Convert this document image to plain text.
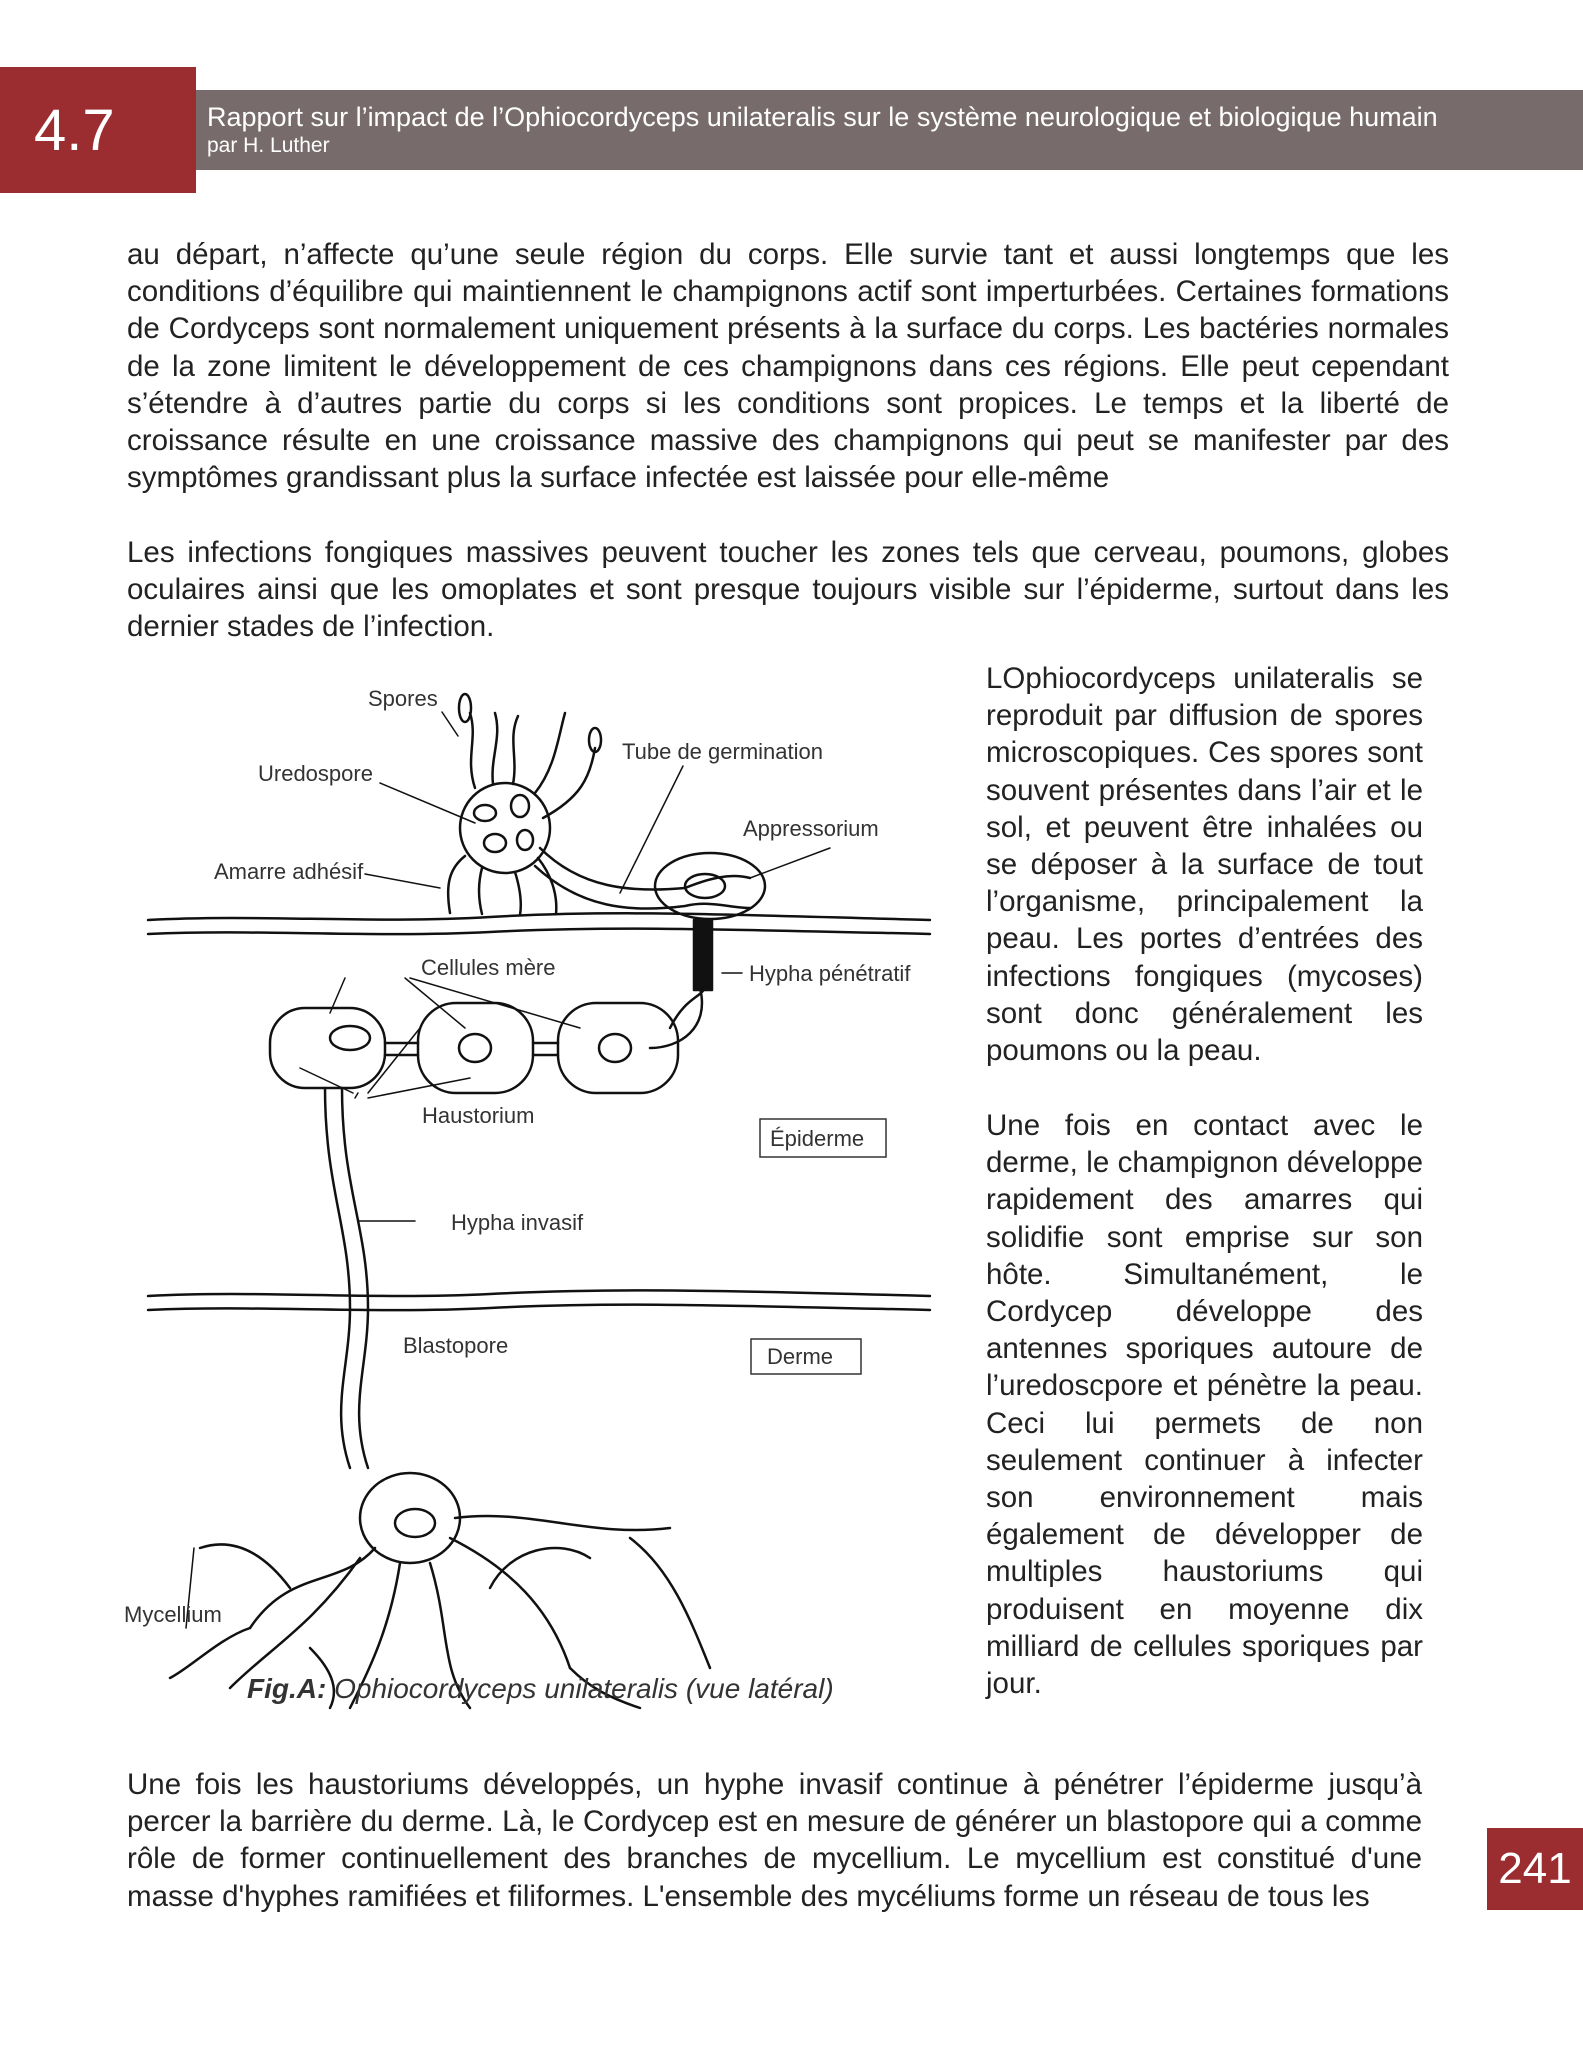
4.7	Rapport sur l’impact de l’Ophiocordyceps unilateralis sur le système neurologique et biologique humain
par H. Luther

au départ, n’affecte qu’une seule région du corps. Elle survie tant et aussi longtemps que les conditions d’équilibre qui maintiennent le champignons actif sont imperturbées. Certaines formations de Cordyceps sont normalement uniquement présents à la surface du corps. Les bactéries normales de la zone limitent le développement de ces champignons dans ces régions. Elle peut cependant s’étendre à d’autres partie du corps si les conditions sont propices. Le temps et la liberté de croissance résulte en une croissance massive des champignons qui peut se manifester par des symptômes grandissant plus la surface infectée est laissée pour elle-même

Les infections fongiques massives peuvent toucher les zones tels que cerveau, poumons, globes oculaires ainsi que les omoplates et sont presque toujours visible sur l’épiderme, surtout dans les dernier stades de l’infection.

LOphiocordyceps unilateralis se reproduit par diffusion de spores microscopiques. Ces spores sont souvent présentes dans l’air et le sol, et peuvent être inhalées ou se déposer à la surface de tout l’organisme, principalement la peau. Les portes d’entrées des infections fongiques (mycoses) sont donc généralement les poumons ou la peau.

Une fois en contact avec le derme, le champignon développe rapidement des amarres qui solidifie sont emprise sur son hôte. Simultanément, le Cordycep développe des antennes sporiques autoure de l’uredoscpore et pénètre la peau. Ceci lui permets de non seulement continuer à infecter son environnement mais également de développer de multiples haustoriums qui produisent en moyenne dix milliard de cellules sporiques par jour.

Spores
Uredospore
Tube de germination
Appressorium
Amarre adhésif
Cellules mère	Hypha pénétratif
Haustorium
Épiderme
Hypha invasif
Blastopore	Derme
Mycellium
Fig.A: Ophiocordyceps unilateralis (vue latéral)

Une fois les haustoriums développés, un hyphe invasif continue à pénétrer l’épiderme jusqu’à percer la barrière du derme. Là, le Cordycep est en mesure de générer un blastopore qui a comme rôle de former continuellement des branches de mycellium. Le mycellium est constitué d'une masse d'hyphes ramifiées et filiformes. L'ensemble des mycéliums forme un réseau de tous les

241
